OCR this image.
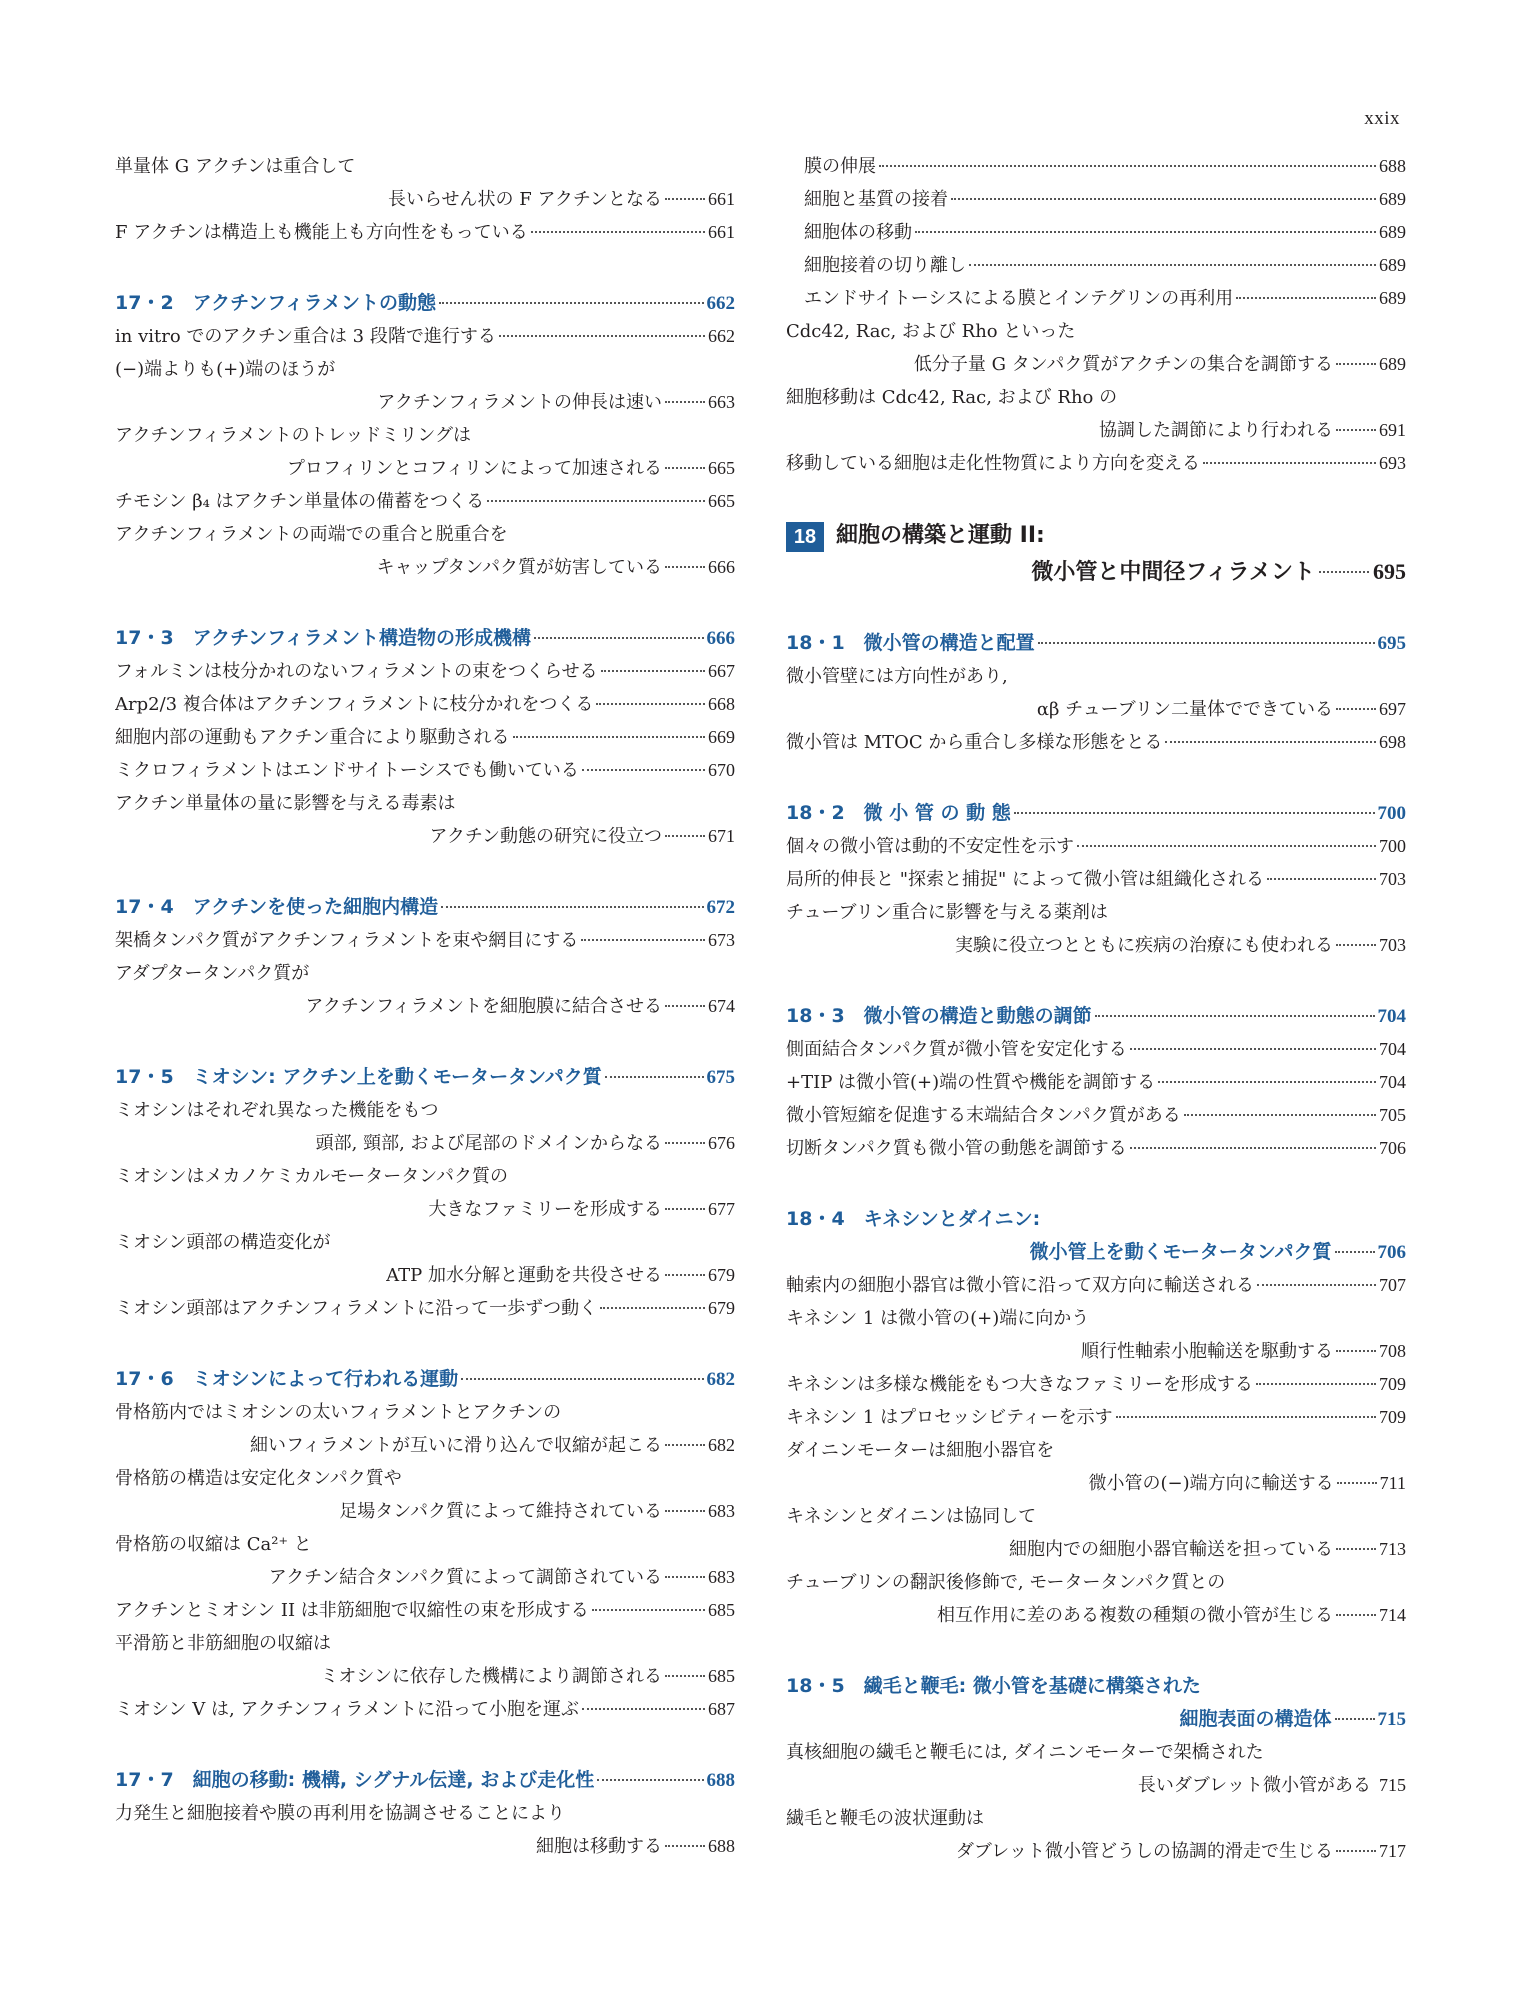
xxix
単量体 G アクチンは重合して
長いらせん状の F アクチンとなる	661
F アクチンは構造上も機能上も方向性をもっている	661
17・2　アクチンフィラメントの動態	662
in vitro でのアクチン重合は 3 段階で進行する	662
(−)端よりも(+)端のほうが
アクチンフィラメントの伸長は速い	663
アクチンフィラメントのトレッドミリングは
プロフィリンとコフィリンによって加速される	665
チモシン β₄ はアクチン単量体の備蓄をつくる	665
アクチンフィラメントの両端での重合と脱重合を
キャップタンパク質が妨害している	666
17・3　アクチンフィラメント構造物の形成機構	666
フォルミンは枝分かれのないフィラメントの束をつくらせる	667
Arp2/3 複合体はアクチンフィラメントに枝分かれをつくる	668
細胞内部の運動もアクチン重合により駆動される	669
ミクロフィラメントはエンドサイトーシスでも働いている	670
アクチン単量体の量に影響を与える毒素は
アクチン動態の研究に役立つ	671
17・4　アクチンを使った細胞内構造	672
架橋タンパク質がアクチンフィラメントを束や網目にする	673
アダプタータンパク質が
アクチンフィラメントを細胞膜に結合させる	674
17・5　ミオシン: アクチン上を動くモータータンパク質	675
ミオシンはそれぞれ異なった機能をもつ
頭部, 頸部, および尾部のドメインからなる	676
ミオシンはメカノケミカルモータータンパク質の
大きなファミリーを形成する	677
ミオシン頭部の構造変化が
ATP 加水分解と運動を共役させる	679
ミオシン頭部はアクチンフィラメントに沿って一歩ずつ動く	679
17・6　ミオシンによって行われる運動	682
骨格筋内ではミオシンの太いフィラメントとアクチンの
細いフィラメントが互いに滑り込んで収縮が起こる	682
骨格筋の構造は安定化タンパク質や
足場タンパク質によって維持されている	683
骨格筋の収縮は Ca²⁺ と
アクチン結合タンパク質によって調節されている	683
アクチンとミオシン II は非筋細胞で収縮性の束を形成する	685
平滑筋と非筋細胞の収縮は
ミオシンに依存した機構により調節される	685
ミオシン V は, アクチンフィラメントに沿って小胞を運ぶ	687
17・7　細胞の移動: 機構, シグナル伝達, および走化性	688
力発生と細胞接着や膜の再利用を協調させることにより
細胞は移動する	688
膜の伸展	688
細胞と基質の接着	689
細胞体の移動	689
細胞接着の切り離し	689
エンドサイトーシスによる膜とインテグリンの再利用	689
Cdc42, Rac, および Rho といった
低分子量 G タンパク質がアクチンの集合を調節する	689
細胞移動は Cdc42, Rac, および Rho の
協調した調節により行われる	691
移動している細胞は走化性物質により方向を変える	693
18 細胞の構築と運動 II:
微小管と中間径フィラメント	695
18・1　微小管の構造と配置	695
微小管壁には方向性があり,
αβ チューブリン二量体でできている	697
微小管は MTOC から重合し多様な形態をとる	698
18・2　微 小 管 の 動 態	700
個々の微小管は動的不安定性を示す	700
局所的伸長と "探索と捕捉" によって微小管は組織化される	703
チューブリン重合に影響を与える薬剤は
実験に役立つとともに疾病の治療にも使われる	703
18・3　微小管の構造と動態の調節	704
側面結合タンパク質が微小管を安定化する	704
+TIP は微小管(+)端の性質や機能を調節する	704
微小管短縮を促進する末端結合タンパク質がある	705
切断タンパク質も微小管の動態を調節する	706
18・4　キネシンとダイニン:
微小管上を動くモータータンパク質 706
軸索内の細胞小器官は微小管に沿って双方向に輸送される	707
キネシン 1 は微小管の(+)端に向かう
順行性軸索小胞輸送を駆動する	708
キネシンは多様な機能をもつ大きなファミリーを形成する	709
キネシン 1 はプロセッシビティーを示す	709
ダイニンモーターは細胞小器官を
微小管の(−)端方向に輸送する	711
キネシンとダイニンは協同して
細胞内での細胞小器官輸送を担っている	713
チューブリンの翻訳後修飾で, モータータンパク質との
相互作用に差のある複数の種類の微小管が生じる	714
18・5　繊毛と鞭毛: 微小管を基礎に構築された
細胞表面の構造体 715
真核細胞の繊毛と鞭毛には, ダイニンモーターで架橋された
長いダブレット微小管がある 715
繊毛と鞭毛の波状運動は
ダブレット微小管どうしの協調的滑走で生じる	717
